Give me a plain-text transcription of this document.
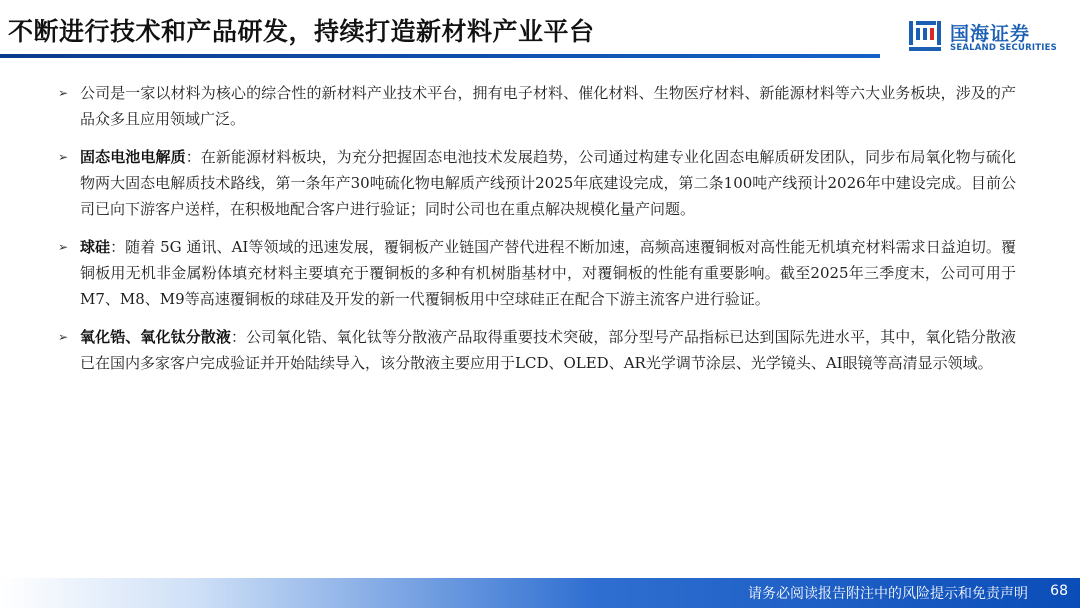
不断进行技术和产品研发，持续打造新材料产业平台	国海证券
SEALAND SECURITIES
➢ 公司是一家以材料为核心的综合性的新材料产业技术平台，拥有电子材料、催化材料、生物医疗材料、新能源材料等六大业务板块，涉及的产品众多且应用领域广泛。
➢ 固态电池电解质：在新能源材料板块，为充分把握固态电池技术发展趋势，公司通过构建专业化固态电解质研发团队，同步布局氧化物与硫化物两大固态电解质技术路线，第一条年产30吨硫化物电解质产线预计2025年底建设完成，第二条100吨产线预计2026年中建设完成。目前公司已向下游客户送样，在积极地配合客户进行验证；同时公司也在重点解决规模化量产问题。
➢ 球硅：随着 5G 通讯、AI等领域的迅速发展，覆铜板产业链国产替代进程不断加速，高频高速覆铜板对高性能无机填充材料需求日益迫切。覆铜板用无机非金属粉体填充材料主要填充于覆铜板的多种有机树脂基材中，对覆铜板的性能有重要影响。截至2025年三季度末，公司可用于M7、M8、M9等高速覆铜板的球硅及开发的新一代覆铜板用中空球硅正在配合下游主流客户进行验证。
➢ 氧化锆、氧化钛分散液：公司氧化锆、氧化钛等分散液产品取得重要技术突破，部分型号产品指标已达到国际先进水平，其中，氧化锆分散液已在国内多家客户完成验证并开始陆续导入，该分散液主要应用于LCD、OLED、AR光学调节涂层、光学镜头、AI眼镜等高清显示领域。
请务必阅读报告附注中的风险提示和免责声明 68
